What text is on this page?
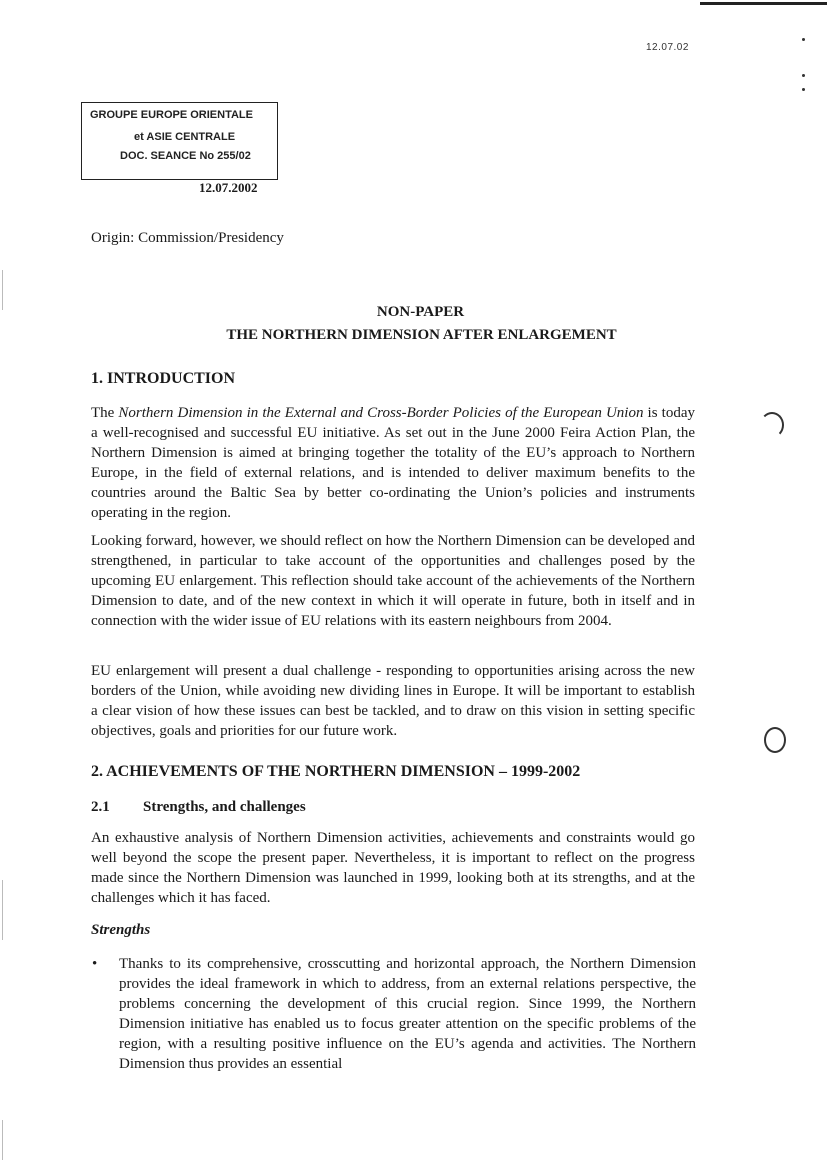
12.07.02
GROUPE EUROPE ORIENTALE
et ASIE CENTRALE
DOC. SEANCE No 255/02
12.07.2002
Origin: Commission/Presidency
NON-PAPER
THE NORTHERN DIMENSION AFTER ENLARGEMENT
1. INTRODUCTION
The Northern Dimension in the External and Cross-Border Policies of the European Union is today a well-recognised and successful EU initiative. As set out in the June 2000 Feira Action Plan, the Northern Dimension is aimed at bringing together the totality of the EU’s approach to Northern Europe, in the field of external relations, and is intended to deliver maximum benefits to the countries around the Baltic Sea by better co-ordinating the Union’s policies and instruments operating in the region.
Looking forward, however, we should reflect on how the Northern Dimension can be developed and strengthened, in particular to take account of the opportunities and challenges posed by the upcoming EU enlargement. This reflection should take account of the achievements of the Northern Dimension to date, and of the new context in which it will operate in future, both in itself and in connection with the wider issue of EU relations with its eastern neighbours from 2004.
EU enlargement will present a dual challenge - responding to opportunities arising across the new borders of the Union, while avoiding new dividing lines in Europe. It will be important to establish a clear vision of how these issues can best be tackled, and to draw on this vision in setting specific objectives, goals and priorities for our future work.
2. ACHIEVEMENTS OF THE NORTHERN DIMENSION – 1999-2002
2.1 Strengths, and challenges
An exhaustive analysis of Northern Dimension activities, achievements and constraints would go well beyond the scope the present paper. Nevertheless, it is important to reflect on the progress made since the Northern Dimension was launched in 1999, looking both at its strengths, and at the challenges which it has faced.
Strengths
• Thanks to its comprehensive, crosscutting and horizontal approach, the Northern Dimension provides the ideal framework in which to address, from an external relations perspective, the problems concerning the development of this crucial region. Since 1999, the Northern Dimension initiative has enabled us to focus greater attention on the specific problems of the region, with a resulting positive influence on the EU’s agenda and activities. The Northern Dimension thus provides an essential
